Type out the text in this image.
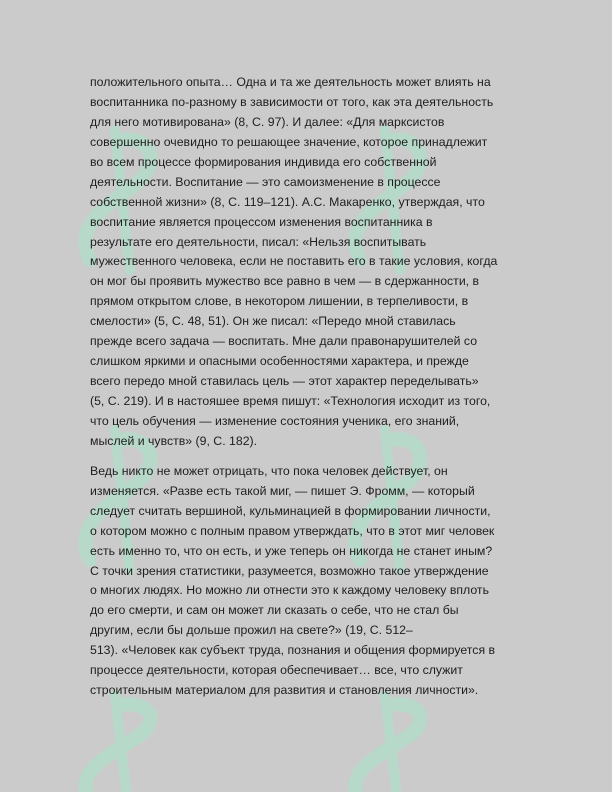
положительного опыта… Одна и та же деятельность может влиять на
воспитанника по-разному в зависимости от того, как эта деятельность
для него мотивирована» (8, С. 97). И далее: «Для марксистов
совершенно очевидно то решающее значение, которое принадлежит
во всем процессе формирования индивида его собственной
деятельности. Воспитание — это самоизменение в процессе
собственной жизни» (8, С. 119–121). А.С. Макаренко, утверждая, что
воспитание является процессом изменения воспитанника в
результате его деятельности, писал: «Нельзя воспитывать
мужественного человека, если не поставить его в такие условия, когда
он мог бы проявить мужество все равно в чем — в сдержанности, в
прямом открытом слове, в некотором лишении, в терпеливости, в
смелости» (5, С. 48, 51). Он же писал: «Передо мной ставилась
прежде всего задача — воспитать. Мне дали правонарушителей со
слишком яркими и опасными особенностями характера, и прежде
всего передо мной ставилась цель — этот характер переделывать»
(5, С. 219). И в настояшее время пишут: «Технология исходит из того,
что цель обучения — изменение состояния ученика, его знаний,
мыслей и чувств» (9, С. 182).
Ведь никто не может отрицать, что пока человек действует, он
изменяется. «Разве есть такой миг, — пишет Э. Фромм, — который
следует считать вершиной, кульминацией в формировании личности,
о котором можно с полным правом утверждать, что в этот миг человек
есть именно то, что он есть, и уже теперь он никогда не станет иным?
С точки зрения статистики, разумеется, возможно такое утверждение
о многих людях. Но можно ли отнести это к каждому человеку вплоть
до его смерти, и сам он может ли сказать о себе, что не стал бы
другим, если бы дольше прожил на свете?» (19, С. 512–
513). «Человек как субъект труда, познания и общения формируется в
процессе деятельности, которая обеспечивает… все, что служит
строительным материалом для развития и становления личности».
